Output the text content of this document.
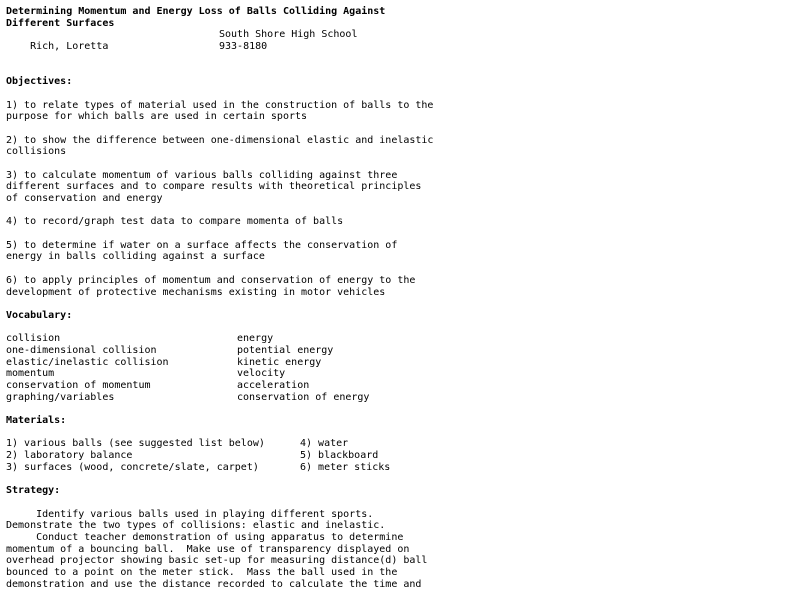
Determining Momentum and Energy Loss of Balls Colliding Against
Different Surfaces

Rich, Loretta

South Shore High School

933-8180

Objectives:
1) to relate types of material used in the construction of balls to the
purpose for which balls are used in certain sports
2) to show the difference between one-dimensional elastic and inelastic
collisions
3) to calculate momentum of various balls colliding against three
different surfaces and to compare results with theoretical principles
of conservation and energy
4) to record/graph test data to compare momenta of balls
5) to determine if water on a surface affects the conservation of
energy in balls colliding against a surface
6) to apply principles of momentum and conservation of energy to the
development of protective mechanisms existing in motor vehicles
Vocabulary:
collision	energy
one-dimensional collision	potential energy
elastic/inelastic collision	kinetic energy
momentum	velocity
conservation of momentum	acceleration
graphing/variables	conservation of energy
Materials:
1) various balls (see suggested list below)	4) water
2) laboratory balance	5) blackboard
3) surfaces (wood, concrete/slate, carpet)	6) meter sticks
Strategy:
Identify various balls used in playing different sports.
Demonstrate the two types of collisions: elastic and inelastic.
Conduct teacher demonstration of using apparatus to determine
momentum of a bouncing ball.  Make use of transparency displayed on
overhead projector showing basic set-up for measuring distance(d) ball
bounced to a point on the meter stick.  Mass the ball used in the
demonstration and use the distance recorded to calculate the time and
